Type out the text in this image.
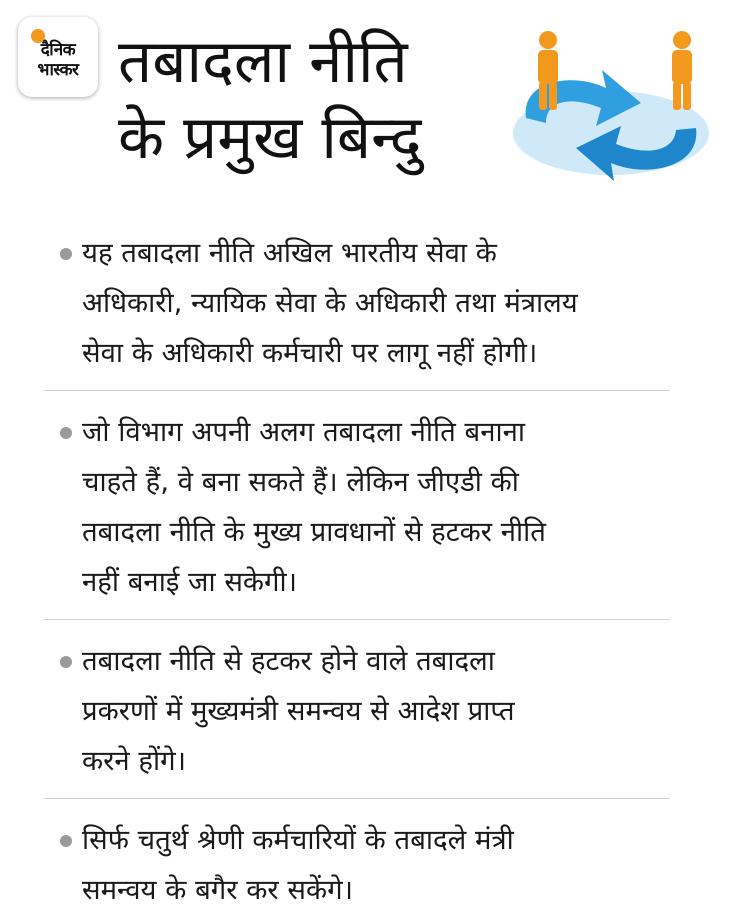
दैनिक
भास्कर तबादला नीति
के प्रमुख बिन्दु
यह तबादला नीति अखिल भारतीय सेवा के
अधिकारी, न्यायिक सेवा के अधिकारी तथा मंत्रालय
सेवा के अधिकारी कर्मचारी पर लागू नहीं होगी।
जो विभाग अपनी अलग तबादला नीति बनाना
चाहते हैं, वे बना सकते हैं। लेकिन जीएडी की
तबादला नीति के मुख्य प्रावधानों से हटकर नीति
नहीं बनाई जा सकेगी।
तबादला नीति से हटकर होने वाले तबादला
प्रकरणों में मुख्यमंत्री समन्वय से आदेश प्राप्त
करने होंगे।
सिर्फ चतुर्थ श्रेणी कर्मचारियों के तबादले मंत्री
समन्वय के बगैर कर सकेंगे।
